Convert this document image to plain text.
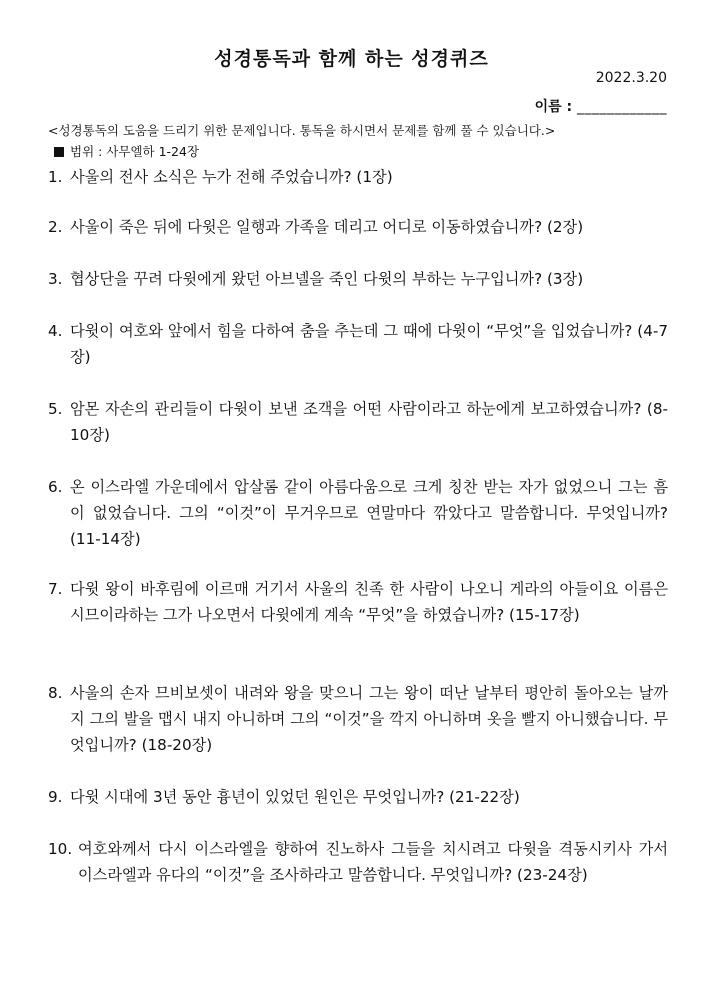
성경통독과 함께 하는 성경퀴즈
2022.3.20
이름 : ____________
<성경통독의 도움을 드리기 위한 문제입니다. 통독을 하시면서 문제를 함께 풀 수 있습니다.>
범위 : 사무엘하 1-24장
1. 사울의 전사 소식은 누가 전해 주었습니까? (1장)
2. 사울이 죽은 뒤에 다윗은 일행과 가족을 데리고 어디로 이동하였습니까? (2장)
3. 협상단을 꾸려 다윗에게 왔던 아브넬을 죽인 다윗의 부하는 누구입니까? (3장)
4. 다윗이 여호와 앞에서 힘을 다하여 춤을 추는데 그 때에 다윗이 “무엇”을 입었습니까? (4-7장)
5. 암몬 자손의 관리들이 다윗이 보낸 조객을 어떤 사람이라고 하눈에게 보고하였습니까? (8-10장)
6. 온 이스라엘 가운데에서 압살롬 같이 아름다움으로 크게 칭찬 받는 자가 없었으니 그는 흠이 없었습니다. 그의 “이것”이 무거우므로 연말마다 깎았다고 말씀합니다. 무엇입니까? (11-14장)
7. 다윗 왕이 바후림에 이르매 거기서 사울의 친족 한 사람이 나오니 게라의 아들이요 이름은 시므이라하는 그가 나오면서 다윗에게 계속 “무엇”을 하였습니까? (15-17장)
8. 사울의 손자 므비보셋이 내려와 왕을 맞으니 그는 왕이 떠난 날부터 평안히 돌아오는 날까지 그의 발을 맵시 내지 아니하며 그의 “이것”을 깍지 아니하며 옷을 빨지 아니했습니다. 무엇입니까? (18-20장)
9. 다윗 시대에 3년 동안 흉년이 있었던 원인은 무엇입니까? (21-22장)
10. 여호와께서 다시 이스라엘을 향하여 진노하사 그들을 치시려고 다윗을 격동시키사 가서 이스라엘과 유다의 “이것”을 조사하라고 말씀합니다. 무엇입니까? (23-24장)
